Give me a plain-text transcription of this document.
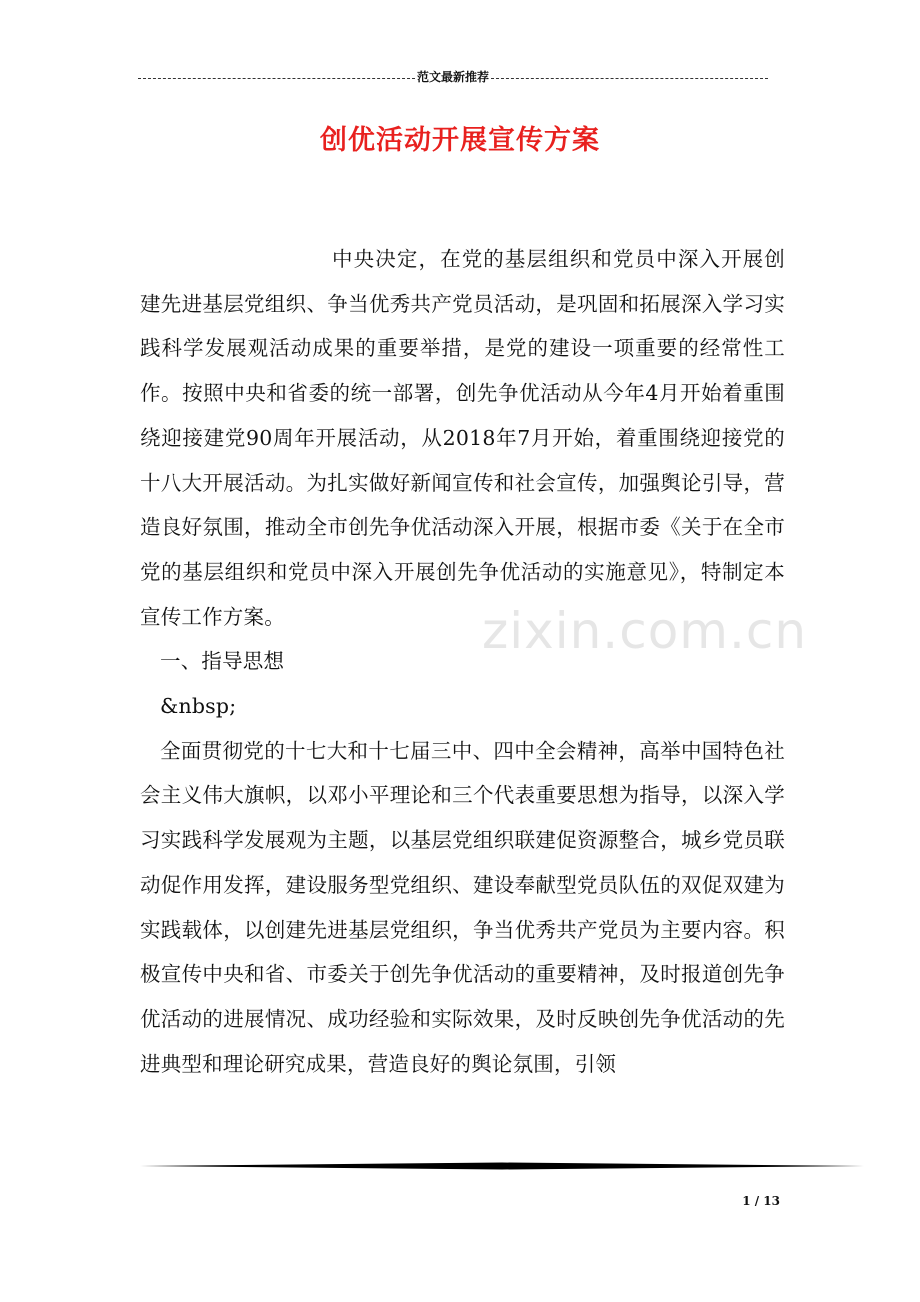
范文最新推荐
创优活动开展宣传方案
zixin.com.cn

中央决定，在党的基层组织和党员中深入开展创建先进基层党组织、争当优秀共产党员活动，是巩固和拓展深入学习实践科学发展观活动成果的重要举措，是党的建设一项重要的经常性工作。按照中央和省委的统一部署，创先争优活动从今年4月开始着重围绕迎接建党90周年开展活动，从2018年7月开始，着重围绕迎接党的十八大开展活动。为扎实做好新闻宣传和社会宣传，加强舆论引导，营造良好氛围，推动全市创先争优活动深入开展，根据市委《关于在全市党的基层组织和党员中深入开展创先争优活动的实施意见》，特制定本宣传工作方案。

一、指导思想

&nbsp;

全面贯彻党的十七大和十七届三中、四中全会精神，高举中国特色社会主义伟大旗帜，以邓小平理论和三个代表重要思想为指导，以深入学习实践科学发展观为主题，以基层党组织联建促资源整合，城乡党员联动促作用发挥，建设服务型党组织、建设奉献型党员队伍的双促双建为实践载体，以创建先进基层党组织，争当优秀共产党员为主要内容。积极宣传中央和省、市委关于创先争优活动的重要精神，及时报道创先争优活动的进展情况、成功经验和实际效果，及时反映创先争优活动的先进典型和理论研究成果，营造良好的舆论氛围，引领

1 / 13
